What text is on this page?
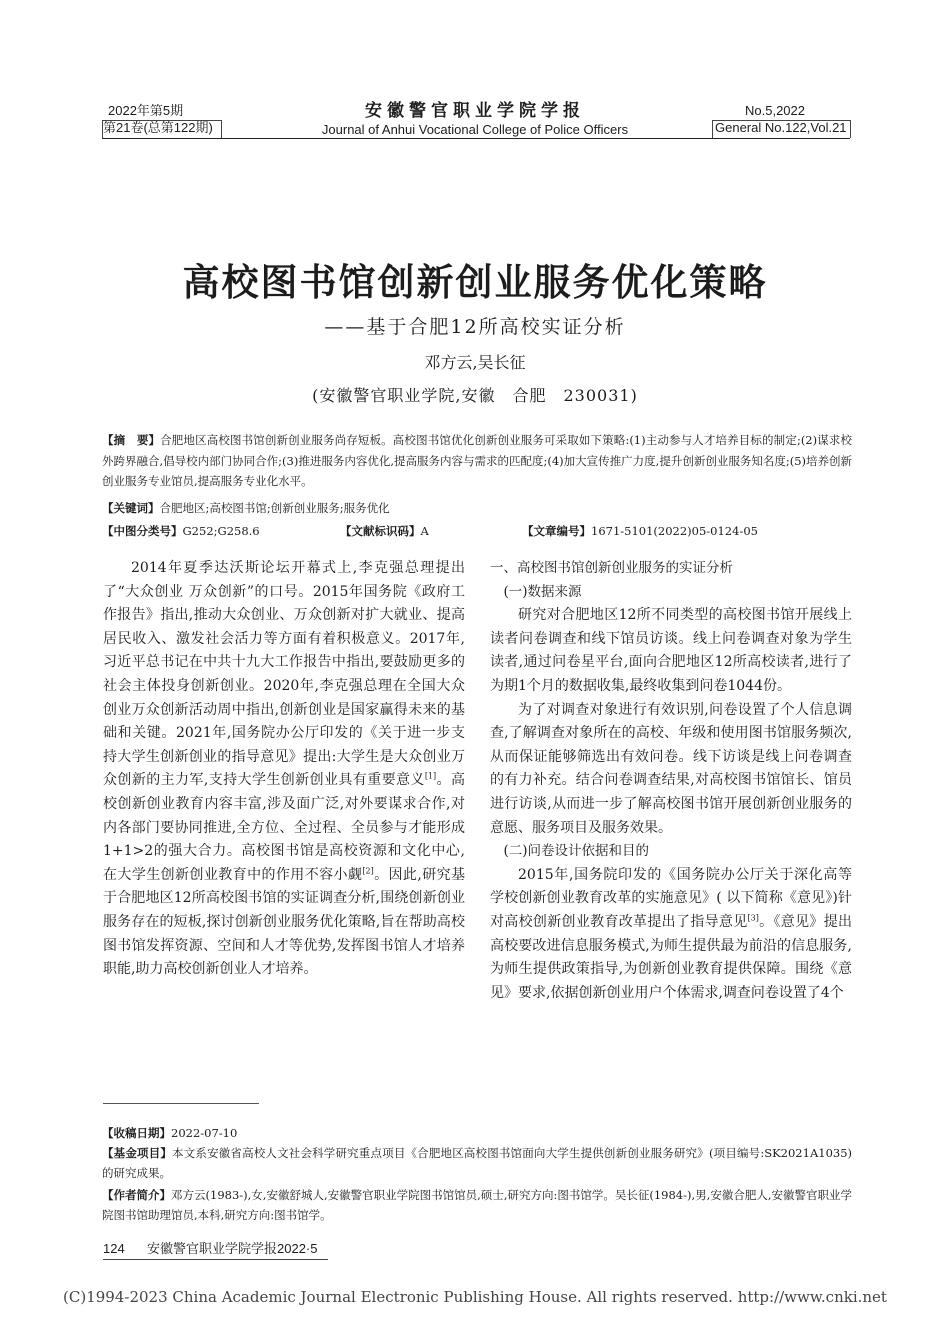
2022年第5期
第21卷(总第122期)
安徽警官职业学院学报
Journal of Anhui Vocational College of Police Officers
No.5,2022
General No.122,Vol.21
高校图书馆创新创业服务优化策略
——基于合肥12所高校实证分析
邓方云,吴长征
(安徽警官职业学院,安徽　合肥　230031)
【摘　要】合肥地区高校图书馆创新创业服务尚存短板。高校图书馆优化创新创业服务可采取如下策略:(1)主动参与人才培养目标的制定;(2)谋求校外跨界融合,倡导校内部门协同合作;(3)推进服务内容优化,提高服务内容与需求的匹配度;(4)加大宣传推广力度,提升创新创业服务知名度;(5)培养创新创业服务专业馆员,提高服务专业化水平。
【关键词】合肥地区;高校图书馆;创新创业服务;服务优化
【中图分类号】G252;G258.6	【文献标识码】A	【文章编号】1671-5101(2022)05-0124-05

2014年夏季达沃斯论坛开幕式上,李克强总理提出了“大众创业 万众创新”的口号。2015年国务院《政府工作报告》指出,推动大众创业、万众创新对扩大就业、提高居民收入、激发社会活力等方面有着积极意义。2017年,习近平总书记在中共十九大工作报告中指出,要鼓励更多的社会主体投身创新创业。2020年,李克强总理在全国大众创业万众创新活动周中指出,创新创业是国家赢得未来的基础和关键。2021年,国务院办公厅印发的《关于进一步支持大学生创新创业的指导意见》提出:大学生是大众创业万众创新的主力军,支持大学生创新创业具有重要意义[1]。高校创新创业教育内容丰富,涉及面广泛,对外要谋求合作,对内各部门要协同推进,全方位、全过程、全员参与才能形成1+1>2的强大合力。高校图书馆是高校资源和文化中心,在大学生创新创业教育中的作用不容小觑[2]。因此,研究基于合肥地区12所高校图书馆的实证调查分析,围绕创新创业服务存在的短板,探讨创新创业服务优化策略,旨在帮助高校图书馆发挥资源、空间和人才等优势,发挥图书馆人才培养职能,助力高校创新创业人才培养。

一、高校图书馆创新创业服务的实证分析
(一)数据来源

研究对合肥地区12所不同类型的高校图书馆开展线上读者问卷调查和线下馆员访谈。线上问卷调查对象为学生读者,通过问卷星平台,面向合肥地区12所高校读者,进行了为期1个月的数据收集,最终收集到问卷1044份。

为了对调查对象进行有效识别,问卷设置了个人信息调查,了解调查对象所在的高校、年级和使用图书馆服务频次,从而保证能够筛选出有效问卷。线下访谈是线上问卷调查的有力补充。结合问卷调查结果,对高校图书馆馆长、馆员进行访谈,从而进一步了解高校图书馆开展创新创业服务的意愿、服务项目及服务效果。

(二)问卷设计依据和目的

2015年,国务院印发的《国务院办公厅关于深化高等学校创新创业教育改革的实施意见》( 以下简称《意见》)针对高校创新创业教育改革提出了指导意见[3]。《意见》提出高校要改进信息服务模式,为师生提供最为前沿的信息服务,为师生提供政策指导,为创新创业教育提供保障。围绕《意见》要求,依据创新创业用户个体需求,调查问卷设置了4个

【收稿日期】2022-07-10
【基金项目】本文系安徽省高校人文社会科学研究重点项目《合肥地区高校图书馆面向大学生提供创新创业服务研究》(项目编号:SK2021A1035)的研究成果。
【作者简介】邓方云(1983-),女,安徽舒城人,安徽警官职业学院图书馆馆员,硕士,研究方向:图书馆学。吴长征(1984-),男,安徽合肥人,安徽警官职业学院图书馆助理馆员,本科,研究方向:图书馆学。
124 安徽警官职业学院学报2022·5
(C)1994-2023 China Academic Journal Electronic Publishing House. All rights reserved. http://www.cnki.net
